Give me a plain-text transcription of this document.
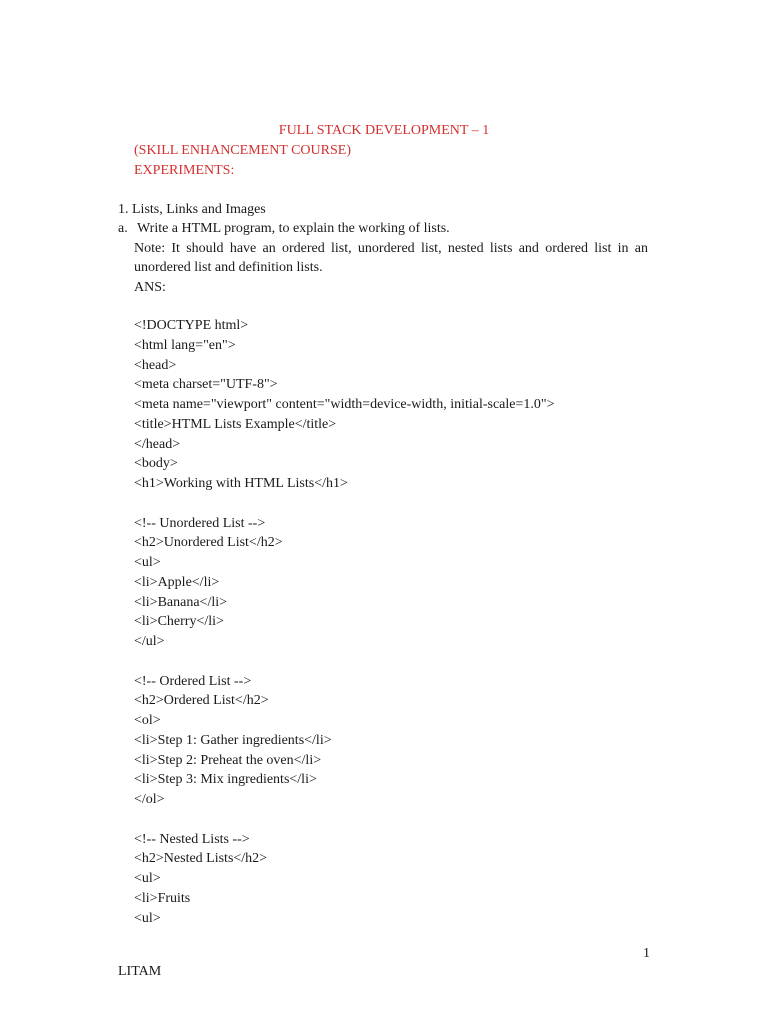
FULL STACK DEVELOPMENT – 1
(SKILL ENHANCEMENT COURSE)
EXPERIMENTS:
1. Lists, Links and Images
a. Write a HTML program, to explain the working of lists.
Note: It should have an ordered list, unordered list, nested lists and ordered list in an
unordered list and definition lists.
ANS:
<!DOCTYPE html>
<html lang="en">
<head>
<meta charset="UTF-8">
<meta name="viewport" content="width=device-width, initial-scale=1.0">
<title>HTML Lists Example</title>
</head>
<body>
<h1>Working with HTML Lists</h1>
<!-- Unordered List -->
<h2>Unordered List</h2>
<ul>
<li>Apple</li>
<li>Banana</li>
<li>Cherry</li>
</ul>
<!-- Ordered List -->
<h2>Ordered List</h2>
<ol>
<li>Step 1: Gather ingredients</li>
<li>Step 2: Preheat the oven</li>
<li>Step 3: Mix ingredients</li>
</ol>
<!-- Nested Lists -->
<h2>Nested Lists</h2>
<ul>
<li>Fruits
<ul>
1
LITAM
